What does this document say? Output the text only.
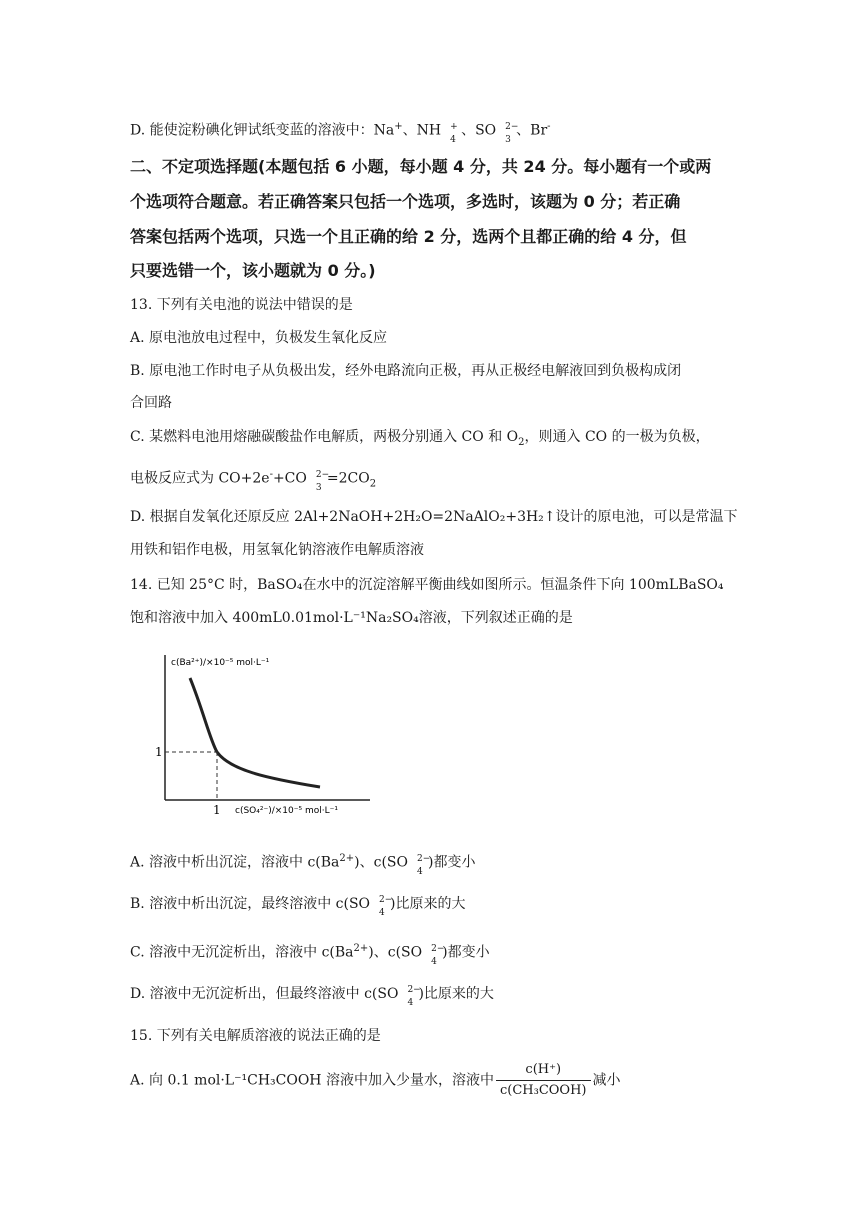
D. 能使淀粉碘化钾试纸变蓝的溶液中：Na+、NH +
4
、SO 2−
3
、Br-
二、不定项选择题(本题包括 6 小题，每小题 4 分，共 24 分。每小题有一个或两
个选项符合题意。若正确答案只包括一个选项，多选时，该题为 0 分；若正确
答案包括两个选项，只选一个且正确的给 2 分，选两个且都正确的给 4 分，但
只要选错一个，该小题就为 0 分。)
13. 下列有关电池的说法中错误的是
A. 原电池放电过程中，负极发生氧化反应
B. 原电池工作时电子从负极出发，经外电路流向正极，再从正极经电解液回到负极构成闭
合回路
C. 某燃料电池用熔融碳酸盐作电解质，两极分别通入 CO 和 $O_2$，则通入 CO 的一极为负极，
电极反应式为 CO+2e-+CO 2−
3
$=2CO_2$
D. 根据自发氧化还原反应 2Al+2NaOH+2H₂O=2NaAlO₂+3H₂↑设计的原电池，可以是常温下
用铁和铝作电极，用氢氧化钠溶液作电解质溶液
14. 已知 25°C 时，BaSO₄在水中的沉淀溶解平衡曲线如图所示。恒温条件下向 100mLBaSO₄
饱和溶液中加入 400mL0.01mol·L⁻¹Na₂SO₄溶液，下列叙述正确的是
c(Ba²⁺)/×10⁻⁵ mol·L⁻¹
c(SO₄²⁻)/×10⁻⁵ mol·L⁻¹
1
1
A. 溶液中析出沉淀，溶液中 $c(Ba^{2+})$、c(SO 2−
4
)都变小
B. 溶液中析出沉淀，最终溶液中 c(SO 2−
4
)比原来的大
C. 溶液中无沉淀析出，溶液中 $c(Ba^{2+})$、c(SO 2−
4
)都变小
D. 溶液中无沉淀析出，但最终溶液中 c(SO 2−
4
)比原来的大
15. 下列有关电解质溶液的说法正确的是
A. 向 0.1 mol·L⁻¹CH₃COOH 溶液中加入少量水，溶液中 $\frac{c(H^+)}{\text{c(CH₃COOH)}}$ 减小
